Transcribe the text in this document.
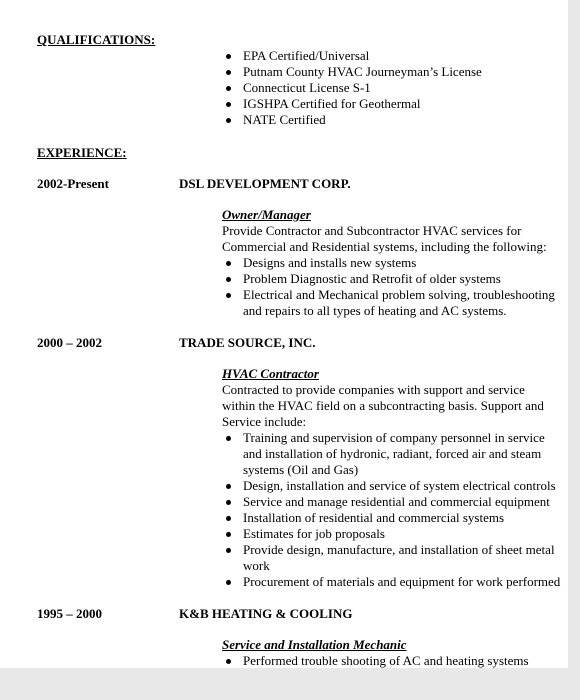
QUALIFICATIONS:
EPA Certified/Universal
Putnam County HVAC Journeyman’s License
Connecticut License S-1
IGSHPA Certified for Geothermal
NATE Certified
EXPERIENCE:
2002-Present	DSL DEVELOPMENT CORP.
Owner/Manager
Provide Contractor and Subcontractor HVAC services for
Commercial and Residential systems, including the following:
Designs and installs new systems
Problem Diagnostic and Retrofit of older systems
Electrical and Mechanical problem solving, troubleshooting
and repairs to all types of heating and AC systems.
2000 – 2002	TRADE SOURCE, INC.
HVAC Contractor
Contracted to provide companies with support and service
within the HVAC field on a subcontracting basis. Support and
Service include:
Training and supervision of company personnel in service
and installation of hydronic, radiant, forced air and steam
systems (Oil and Gas)
Design, installation and service of system electrical controls
Service and manage residential and commercial equipment
Installation of residential and commercial systems
Estimates for job proposals
Provide design, manufacture, and installation of sheet metal
work
Procurement of materials and equipment for work performed
1995 – 2000	K&B HEATING & COOLING
Service and Installation Mechanic
Performed trouble shooting of AC and heating systems
